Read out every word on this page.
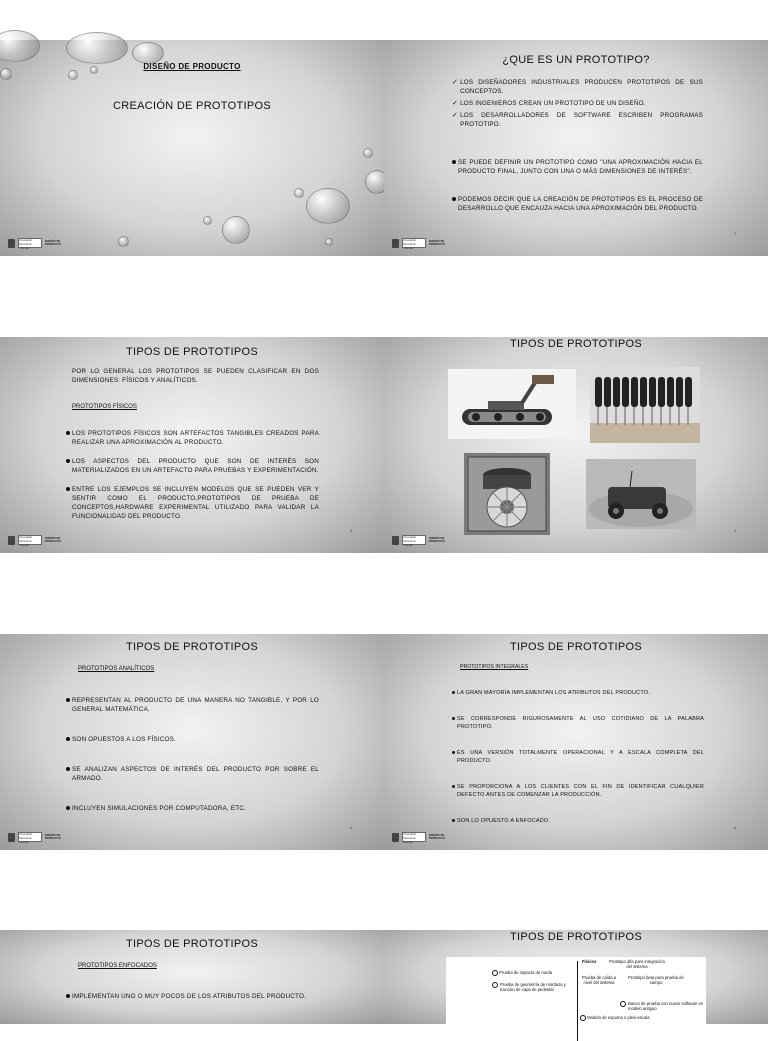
DISEÑO DE PRODUCTO
CREACIÓN DE PROTOTIPOS
Universidad Nacional de Tucumán
DISEÑO DE PRODUCTO
¿QUE ES UN PROTOTIPO?
✓ LOS DISEÑADORES INDUSTRIALES PRODUCEN PROTOTIPOS DE SUS CONCEPTOS.
✓ LOS INGENIEROS CREAN UN PROTOTIPO DE UN DISEÑO.
✓ LOS DESARROLLADORES DE SOFTWARE ESCRIBEN PROGRAMAS PROTOTIPO.
SE PUEDE DEFINIR UN PROTOTIPO COMO "UNA APROXIMACIÓN HACIA EL PRODUCTO FINAL, JUNTO CON UNA O MÁS DIMENSIONES DE INTERÉS".
PODEMOS DECIR QUE LA CREACIÓN DE PROTOTIPOS ES EL PROCESO DE DESARROLLO QUE ENCAUZA HACIA UNA APROXIMACIÓN DEL PRODUCTO.
Universidad Nacional de Tucumán
DISEÑO DE PRODUCTO
2
TIPOS DE PROTOTIPOS
POR LO GENERAL LOS PROTOTIPOS SE PUEDEN CLASIFICAR EN DOS DIMENSIONES: FÍSICOS Y ANALÍTICOS.
PROTOTIPOS FÍSICOS
LOS PROTOTIPOS FÍSICOS SON ARTEFACTOS TANGIBLES CREADOS PARA REALIZAR UNA APROXIMACIÓN AL PRODUCTO.
LOS ASPECTOS DEL PRODUCTO QUE SON DE INTERÉS SON MATERIALIZADOS EN UN ARTEFACTO PARA PRUEBAS Y EXPERIMENTACIÓN.
ENTRE LOS EJEMPLOS SE INCLUYEN MODELOS QUE SE PUEDEN VER Y SENTIR COMO EL PRODUCTO,PROTOTIPOS DE PRUEBA DE CONCEPTOS,HARDWARE EXPERIMENTAL UTILIZADO PARA VALIDAR LA FUNCIONALIDAD DEL PRODUCTO.
Universidad Nacional de Tucumán
DISEÑO DE PRODUCTO
3
TIPOS DE PROTOTIPOS
Universidad Nacional de Tucumán
DISEÑO DE PRODUCTO
4
TIPOS DE PROTOTIPOS
PROTOTIPOS ANALÍTICOS
REPRESENTAN AL PRODUCTO DE UNA MANERA NO TANGIBLE, Y POR LO GENERAL MATEMÁTICA.
SON OPUESTOS A LOS FÍSICOS.
SE ANALIZAN ASPECTOS DE INTERÉS DEL PRODUCTO POR SOBRE EL ARMADO.
INCLUYEN SIMULACIONES POR COMPUTADORA, ETC.
Universidad Nacional de Tucumán
DISEÑO DE PRODUCTO
5
TIPOS DE PROTOTIPOS
PROTOTIPOS INTEGRALES
LA GRAN MAYORÍA IMPLEMENTAN LOS ATRIBUTOS DEL PRODUCTO.
SE CORRESPONDE RIGUROSAMENTE AL USO COTIDIANO DE LA PALABRA PROTOTIPO.
ES UNA VERSIÓN TOTALMENTE OPERACIONAL Y A ESCALA COMPLETA DEL PRODUCTO.
SE PROPORCIONA A LOS CLIENTES CON EL FIN DE IDENTIFICAR CUALQUIER DEFECTO ANTES DE COMENZAR LA PRODUCCIÓN.
SON LO OPUESTO A ENFOCADO.
Universidad Nacional de Tucumán
DISEÑO DE PRODUCTO
6
TIPOS DE PROTOTIPOS
PROTOTIPOS ENFOCADOS
IMPLEMENTAN UNO O MUY POCOS DE LOS ATRIBUTOS DEL PRODUCTO.
TIPOS DE PROTOTIPOS
Físicos	Prototipo alfa para integración del sistema
Prueba de impacto de rueda
Prueba de geometría de mordaza y tracción de capa de pedestal
Prueba de caída a nivel del sistema
Prototipo beta para prueba de campo
Banco de prueba con nuevo software en modelo antiguo
Modelo de espuma o plexi-escala
